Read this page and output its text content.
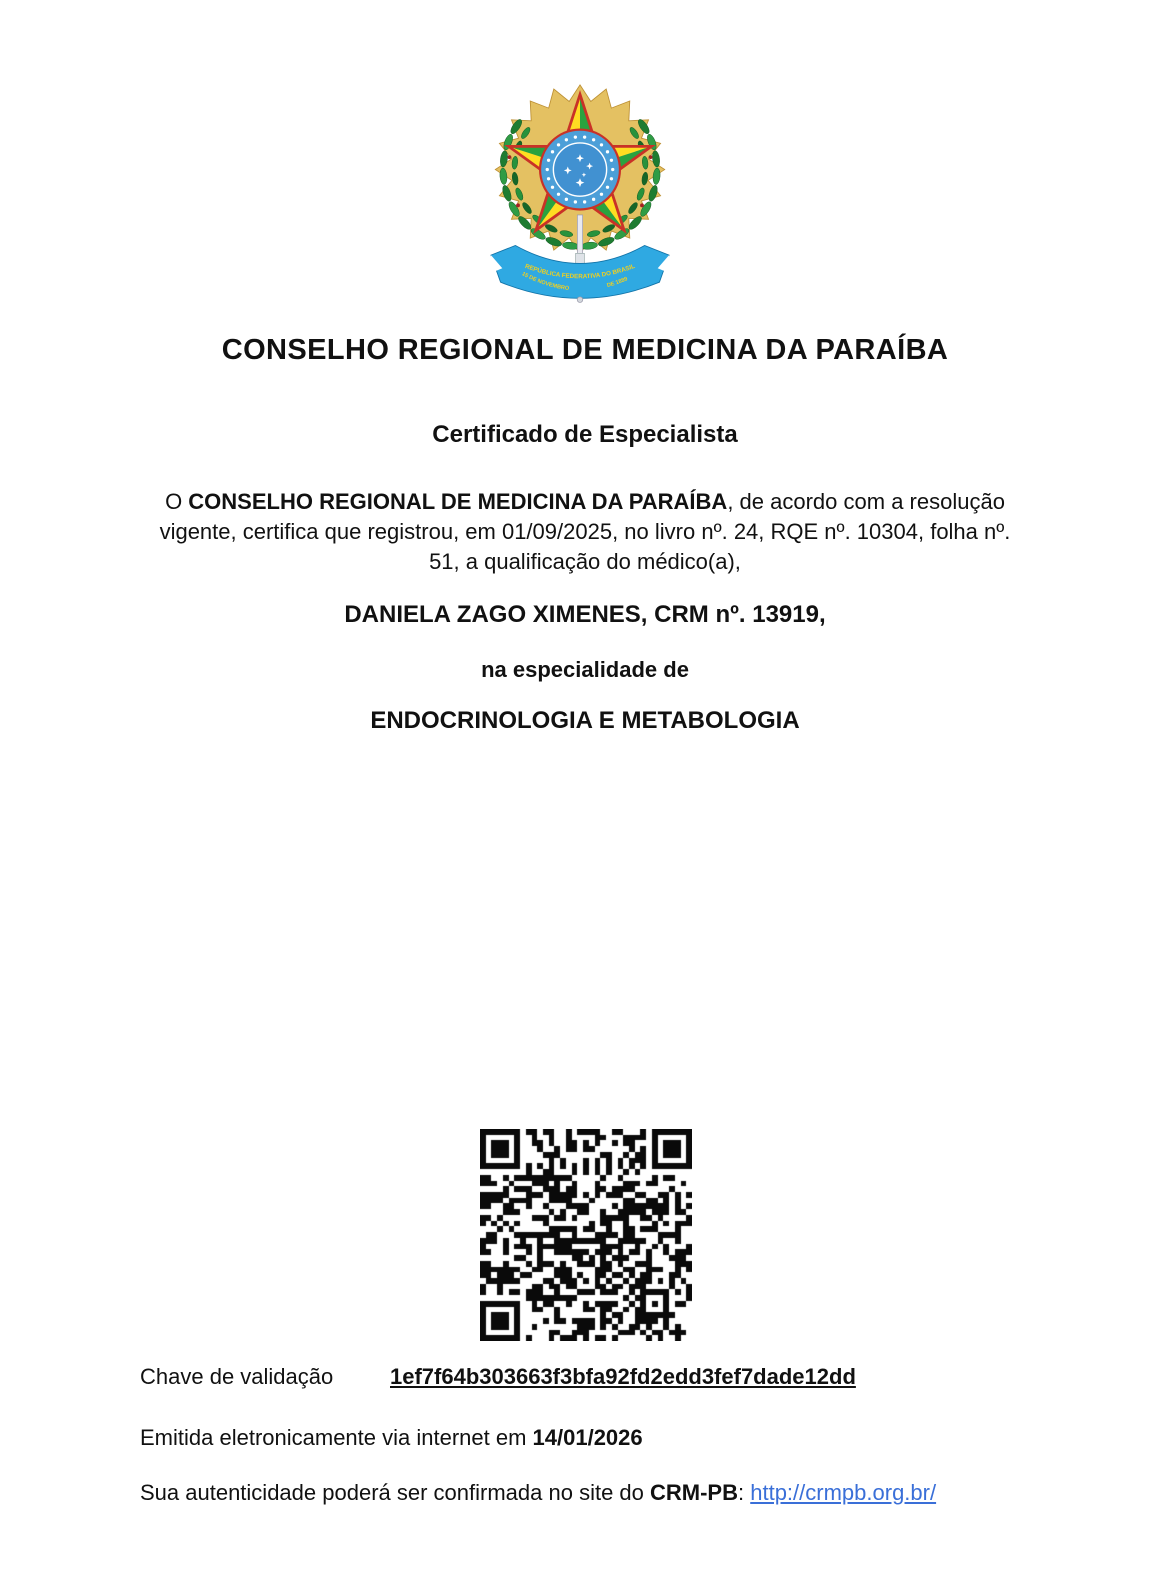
REPÚBLICA FEDERATIVA DO BRASIL
15 DE NOVEMBRO	DE 1889
CONSELHO REGIONAL DE MEDICINA DA PARAÍBA
Certificado de Especialista

O CONSELHO REGIONAL DE MEDICINA DA PARAÍBA, de acordo com a resolução vigente, certifica que registrou, em 01/09/2025, no livro nº. 24, RQE nº. 10304, folha nº. 51, a qualificação do médico(a),

DANIELA ZAGO XIMENES, CRM nº. 13919,
na especialidade de
ENDOCRINOLOGIA E METABOLOGIA
Chave de validação	1ef7f64b303663f3bfa92fd2edd3fef7dade12dd

Emitida eletronicamente via internet em 14/01/2026

Sua autenticidade poderá ser confirmada no site do CRM-PB: http://crmpb.org.br/
